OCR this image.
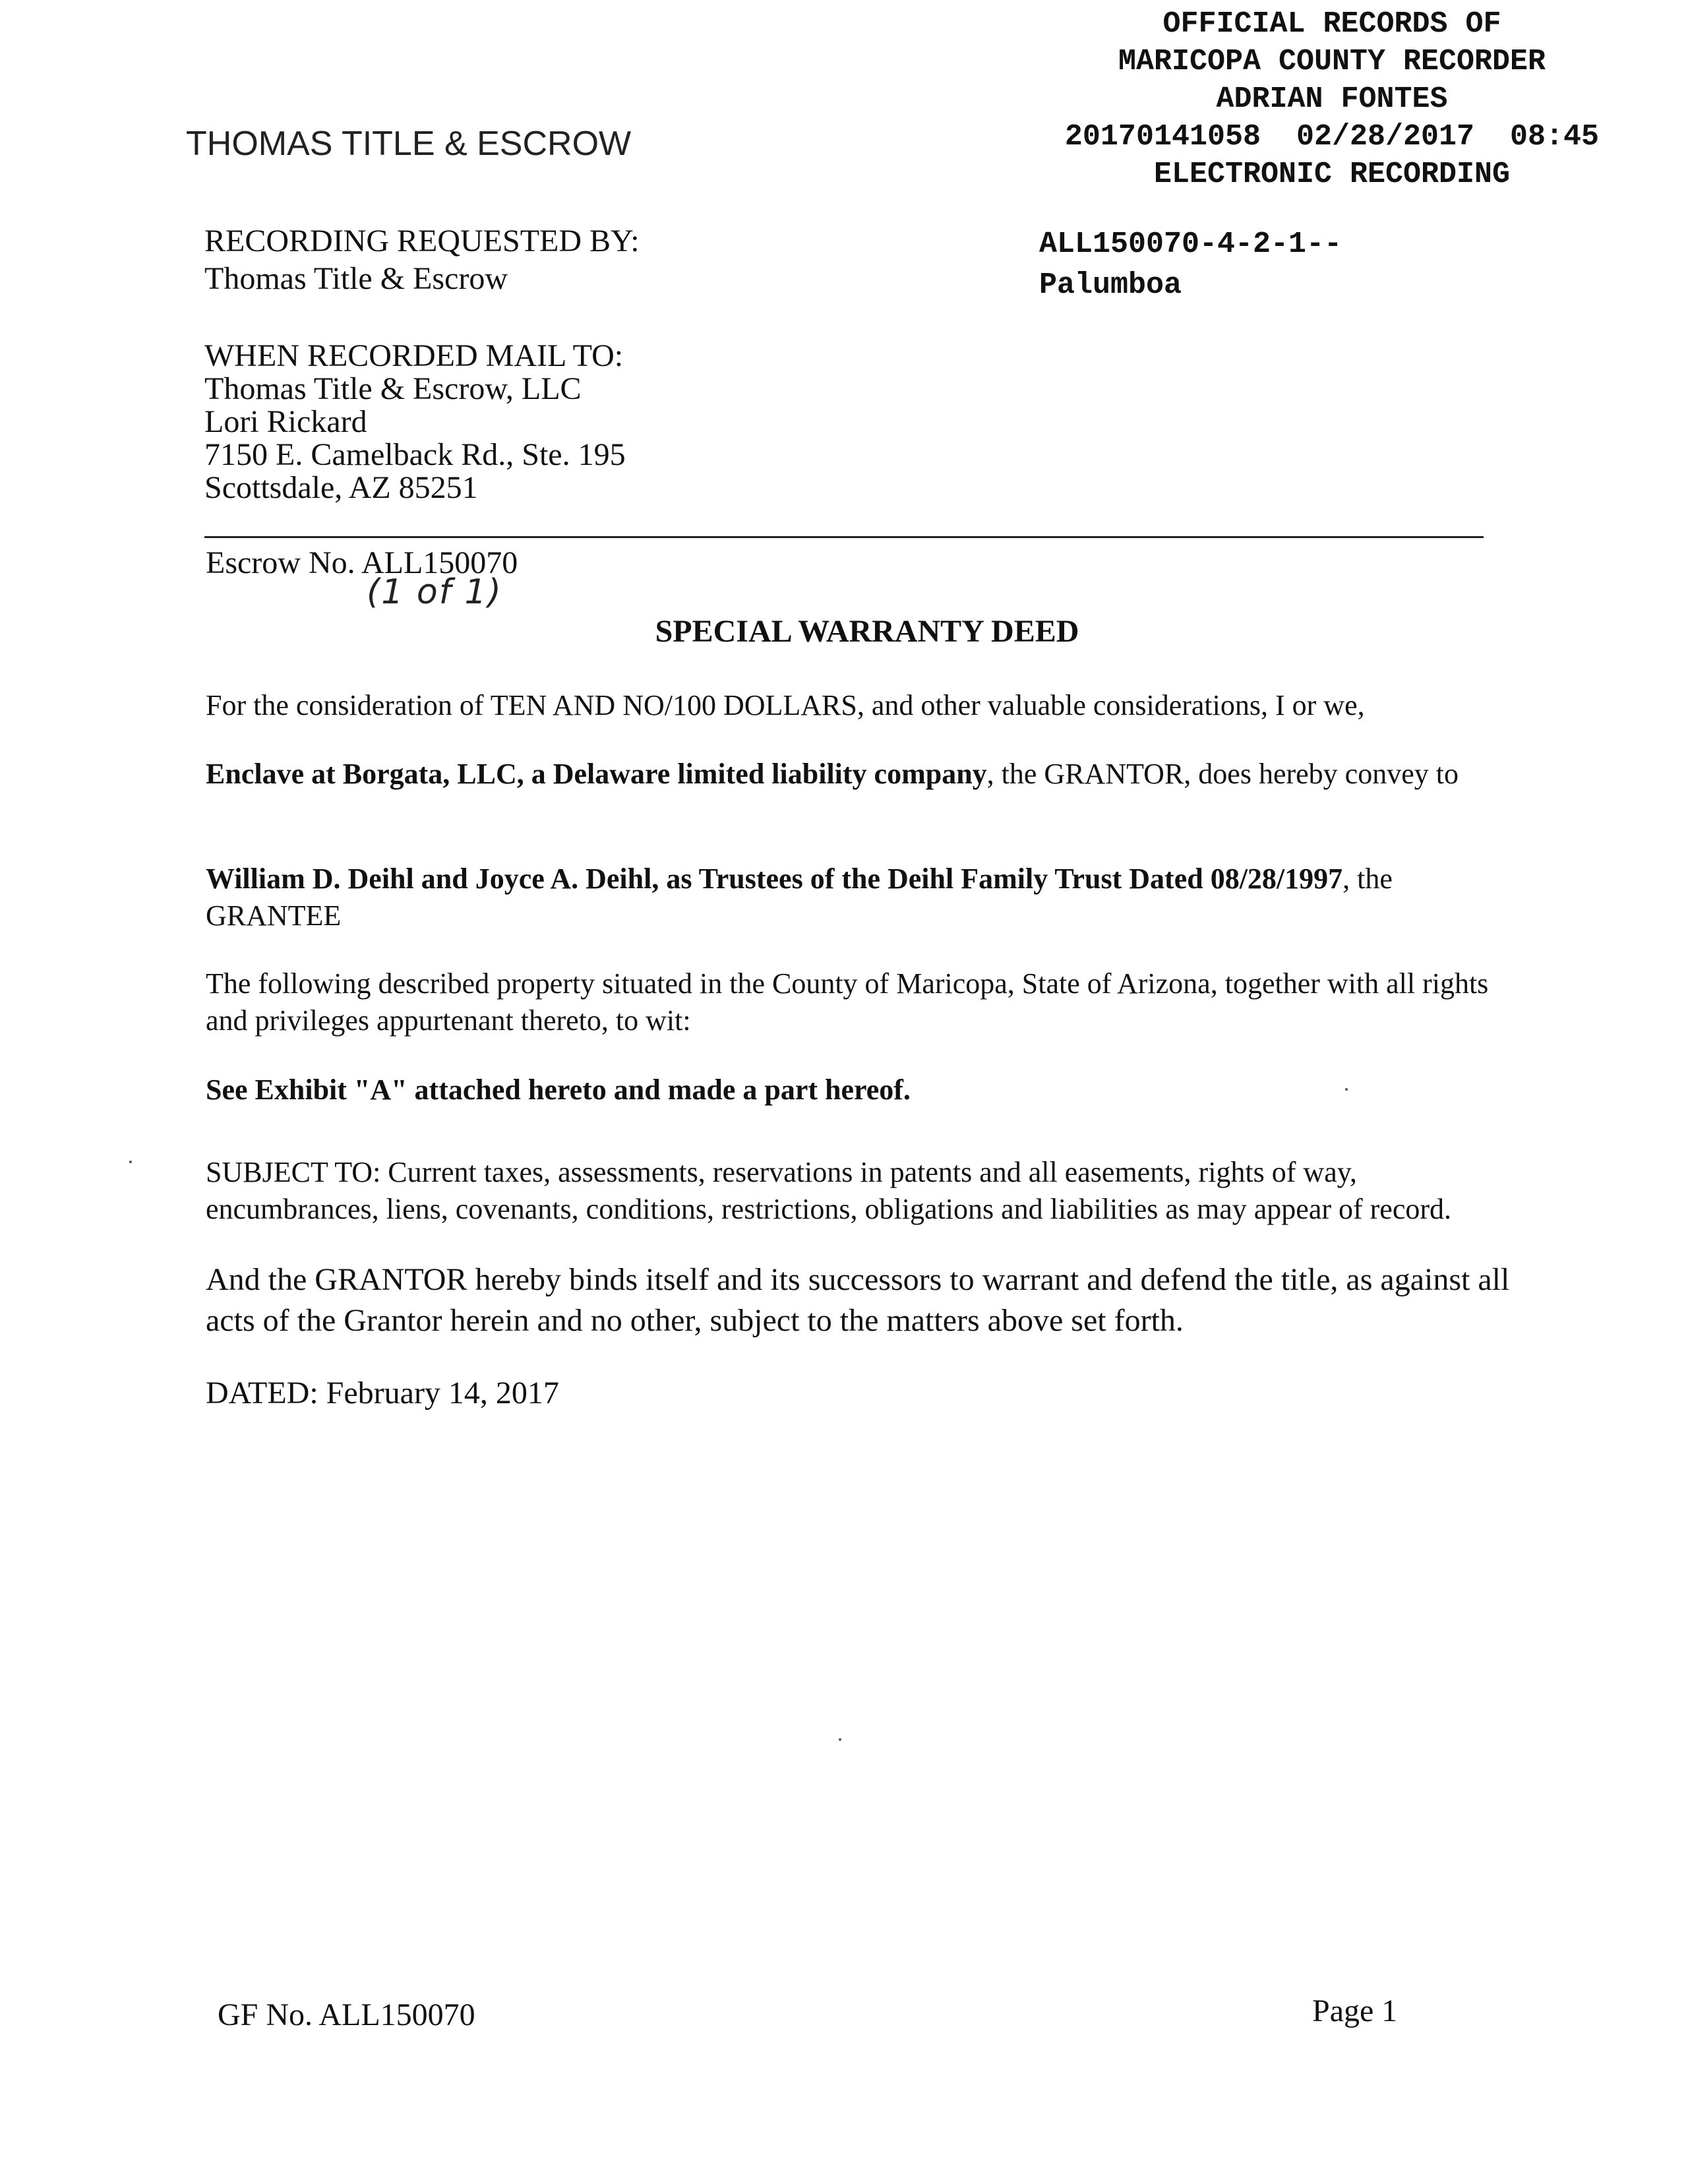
OFFICIAL RECORDS OF
MARICOPA COUNTY RECORDER
ADRIAN FONTES
20170141058  02/28/2017  08:45
ELECTRONIC RECORDING
THOMAS TITLE & ESCROW
RECORDING REQUESTED BY:
Thomas Title & Escrow
ALL150070-4-2-1--
Palumboa
WHEN RECORDED MAIL TO:
Thomas Title & Escrow, LLC
Lori Rickard
7150 E. Camelback Rd., Ste. 195
Scottsdale, AZ 85251
Escrow No. ALL150070
(1 of 1)
SPECIAL WARRANTY DEED
For the consideration of TEN AND NO/100 DOLLARS, and other valuable considerations, I or we,
Enclave at Borgata, LLC, a Delaware limited liability company, the GRANTOR, does hereby convey to
William D. Deihl and Joyce A. Deihl, as Trustees of the Deihl Family Trust Dated 08/28/1997, the GRANTEE
The following described property situated in the County of Maricopa, State of Arizona, together with all rights and privileges appurtenant thereto, to wit:
See Exhibit "A" attached hereto and made a part hereof.
SUBJECT TO: Current taxes, assessments, reservations in patents and all easements, rights of way, encumbrances, liens, covenants, conditions, restrictions, obligations and liabilities as may appear of record.
And the GRANTOR hereby binds itself and its successors to warrant and defend the title, as against all acts of the Grantor herein and no other, subject to the matters above set forth.
DATED: February 14, 2017
GF No. ALL150070	Page 1
